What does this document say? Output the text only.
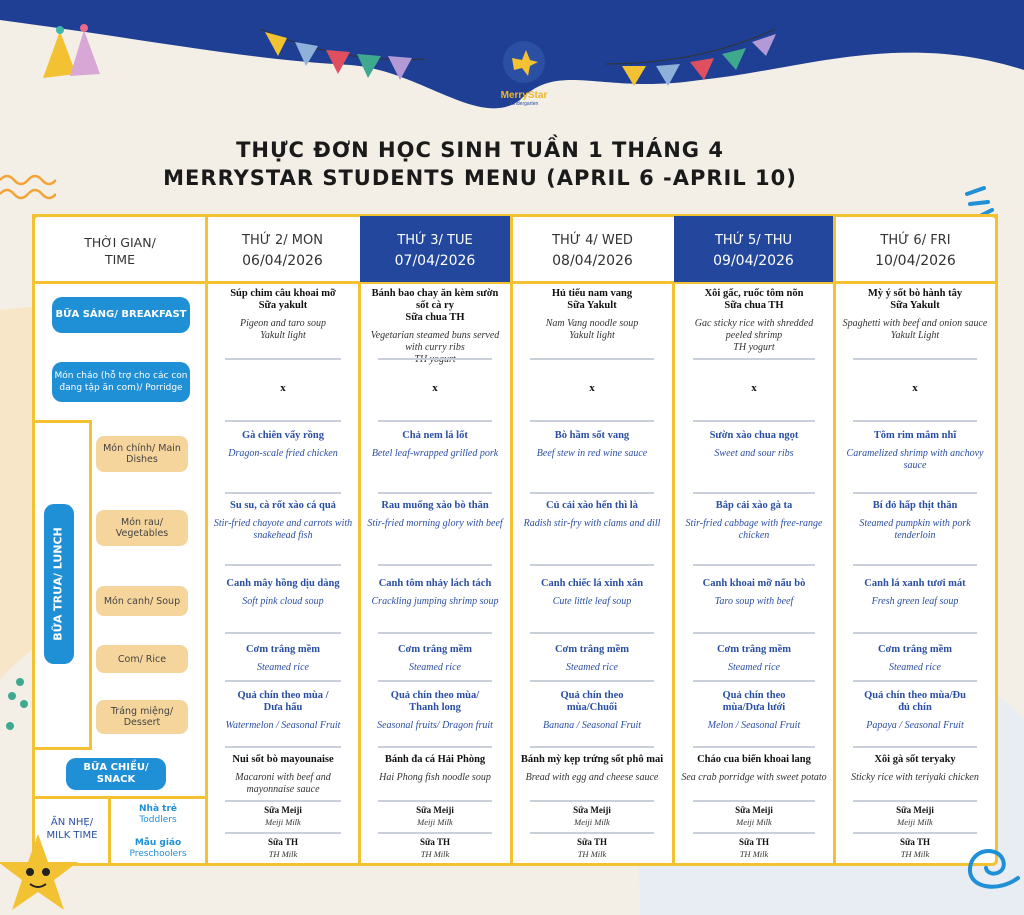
MerryStar
Kindergarten
THỰC ĐƠN HỌC SINH TUẦN 1 THÁNG 4
MERRYSTAR STUDENTS MENU (APRIL 6 -APRIL 10)
THỜI GIAN/
TIME
THỨ 2/ MON
06/04/2026
THỨ 3/ TUE
07/04/2026
THỨ 4/ WED
08/04/2026
THỨ 5/ THU
09/04/2026
THỨ 6/ FRI
10/04/2026
BỮA SÁNG/ BREAKFAST
Món cháo (hỗ trợ cho các con đang tập ăn com)/ Porridge
BỮA TRƯA/ LUNCH
Món chính/ Main Dishes
Món rau/ Vegetables
Món canh/ Soup
Com/ Rice
Tráng miệng/ Dessert
BỮA CHIỀU/ SNACK
ĂN NHẸ/ MILK TIME
Nhà trẻ
Toddlers
Mẫu giáo
Preschoolers
Súp chim câu khoai mỡ
Sữa yakult
Pigeon and taro soup
Yakult light
x
Gà chiên vẩy rồng
Dragon-scale fried chicken
Su su, cà rốt xào cá quả
Stir-fried chayote and carrots with snakehead fish
Canh mây hồng dịu dàng
Soft pink cloud soup
Cơm trắng mềm
Steamed rice
Quả chín theo mùa /
Dưa hấu
Watermelon / Seasonal Fruit
Nui sốt bò mayounaise
Macaroni with beef and mayonnaise sauce
Sữa Meiji
Meiji Milk
Sữa TH
TH Milk
Bánh bao chay ăn kèm sườn sốt cà ry
Sữa chua TH
Vegetarian steamed buns served with curry ribs

x
Chả nem lá lốt
Betel leaf-wrapped grilled pork
Rau muống xào bò thăn
Stir-fried morning glory with beef
Canh tôm nhảy lách tách
Crackling jumping shrimp soup
Cơm trắng mềm
Steamed rice
Quả chín theo mùa/
Thanh long
Seasonal fruits/ Dragon fruit
Bánh đa cá Hải Phòng
Hai Phong fish noodle soup
Sữa Meiji
Meiji Milk
Sữa TH
TH Milk
Hủ tiếu nam vang
Sữa Yakult
Nam Vang noodle soup
Yakult light
x
Bò hầm sốt vang
Beef stew in red wine sauce
Củ cải xào hến thì là
Radish stir-fry with clams and dill
Canh chiếc lá xinh xắn
Cute little leaf soup
Cơm trắng mềm
Steamed rice
Quả chín theo
mùa/Chuối
Banana / Seasonal Fruit
Bánh mỳ kẹp trứng sốt phô mai
Bread with egg and cheese sauce
Sữa Meiji
Meiji Milk
Sữa TH
TH Milk
Xôi gấc, ruốc tôm nõn
Sữa chua TH
Gac sticky rice with shredded peeled shrimp
TH yogurt
x
Sườn xào chua ngọt
Sweet and sour ribs
Bắp cải xào gà ta
Stir-fried cabbage with free-range chicken
Canh khoai mỡ nấu bò
Taro soup with beef
Cơm trắng mềm
Steamed rice
Quả chín theo
mùa/Dưa lưới
Melon / Seasonal Fruit
Cháo cua biển khoai lang
Sea crab porridge with sweet potato
Sữa Meiji
Meiji Milk
Sữa TH
TH Milk
Mỳ ý sốt bò hành tây
Sữa Yakult
Spaghetti with beef and onion sauce
Yakult Light
x
Tôm rim mắm nhĩ
Caramelized shrimp with anchovy sauce
Bí đỏ hấp thịt thăn
Steamed pumpkin with pork tenderloin
Canh lá xanh tươi mát
Fresh green leaf soup
Cơm trắng mềm
Steamed rice
Quả chín theo mùa/Đu
đủ chín
Papaya / Seasonal Fruit
Xôi gà sốt teryaky
Sticky rice with teriyaki chicken
Sữa Meiji
Meiji Milk
Sữa TH
TH Milk
